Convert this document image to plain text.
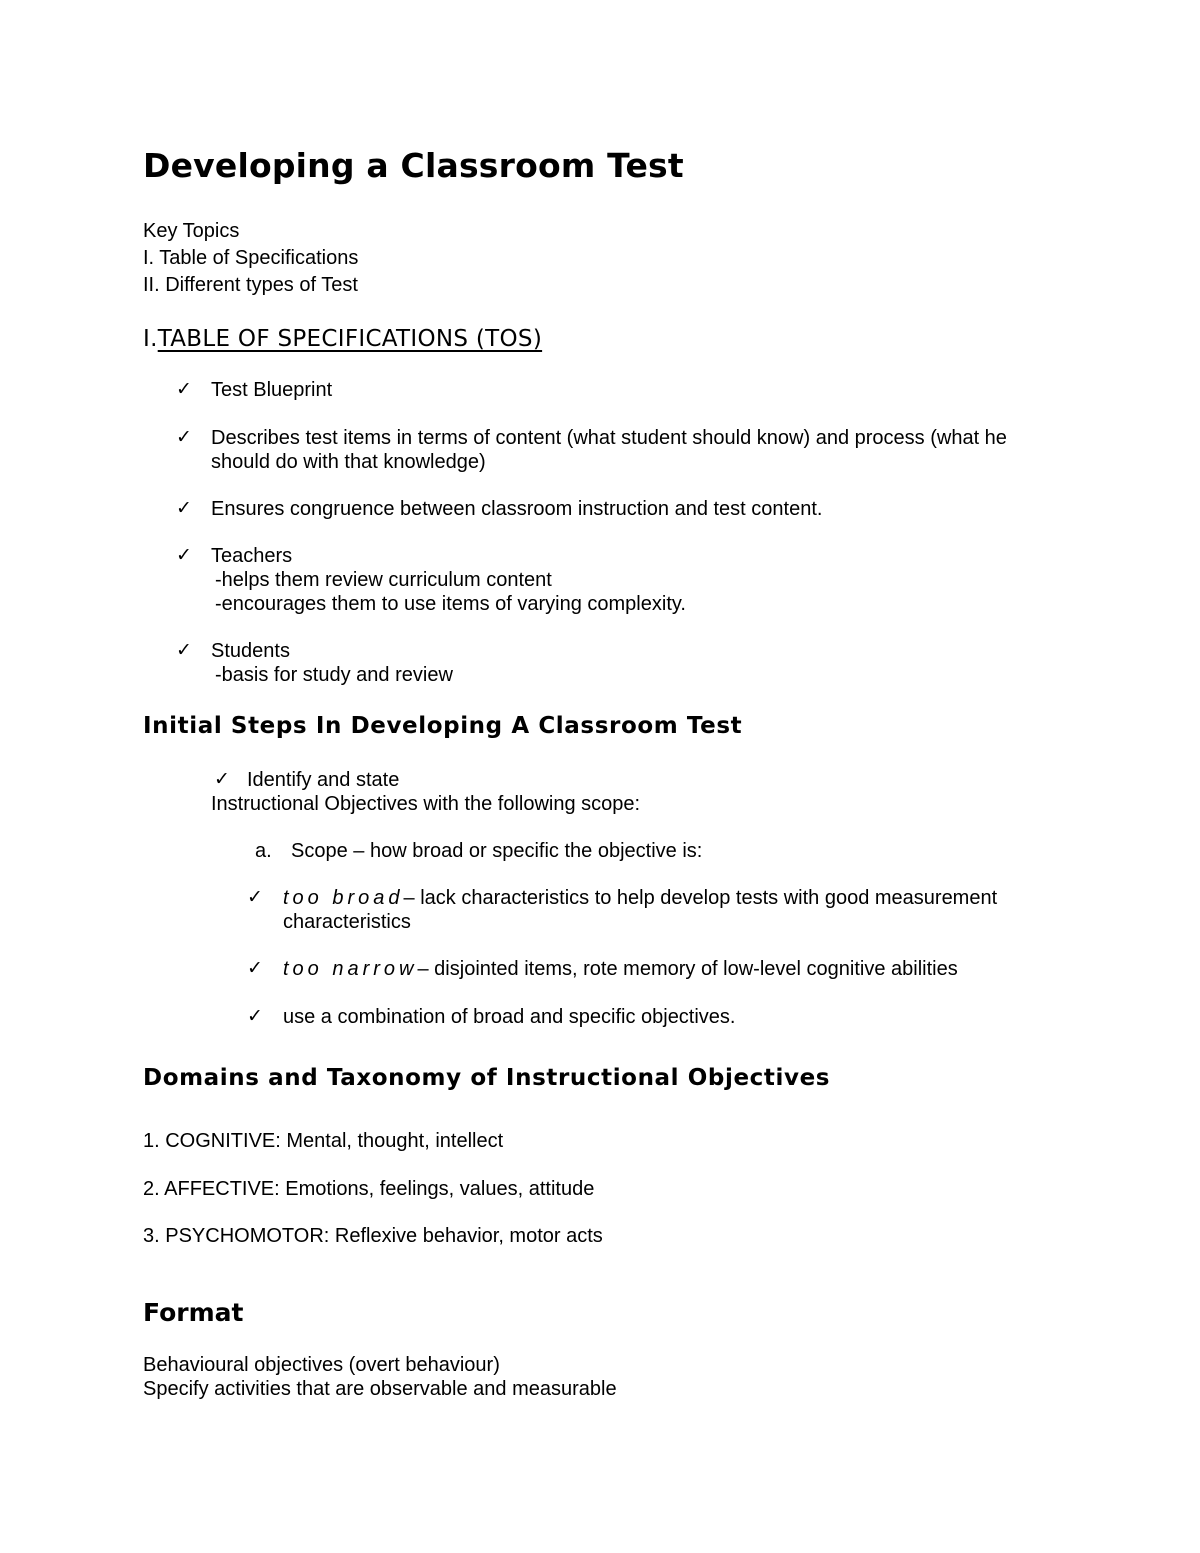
Developing a Classroom Test
Key Topics
I. Table of Specifications
II. Different types of Test
I.TABLE OF SPECIFICATIONS (TOS)
✓ Test Blueprint
✓ Describes test items in terms of content (what student should know) and process (what he
should do with that knowledge)
✓ Ensures congruence between classroom instruction and test content.
✓ Teachers
-helps them review curriculum content
-encourages them to use items of varying complexity.
✓ Students
-basis for study and review
Initial Steps In Developing A Classroom Test
✓ Identify and state
Instructional Objectives with the following scope:
a. Scope – how broad or specific the objective is:
✓ too broad– lack characteristics to help develop tests with good measurement
characteristics
✓ too narrow– disjointed items, rote memory of low-level cognitive abilities
✓ use a combination of broad and specific objectives.
Domains and Taxonomy of Instructional Objectives
1. COGNITIVE: Mental, thought, intellect
2. AFFECTIVE: Emotions, feelings, values, attitude
3. PSYCHOMOTOR: Reflexive behavior, motor acts
Format
Behavioural objectives (overt behaviour)
Specify activities that are observable and measurable
